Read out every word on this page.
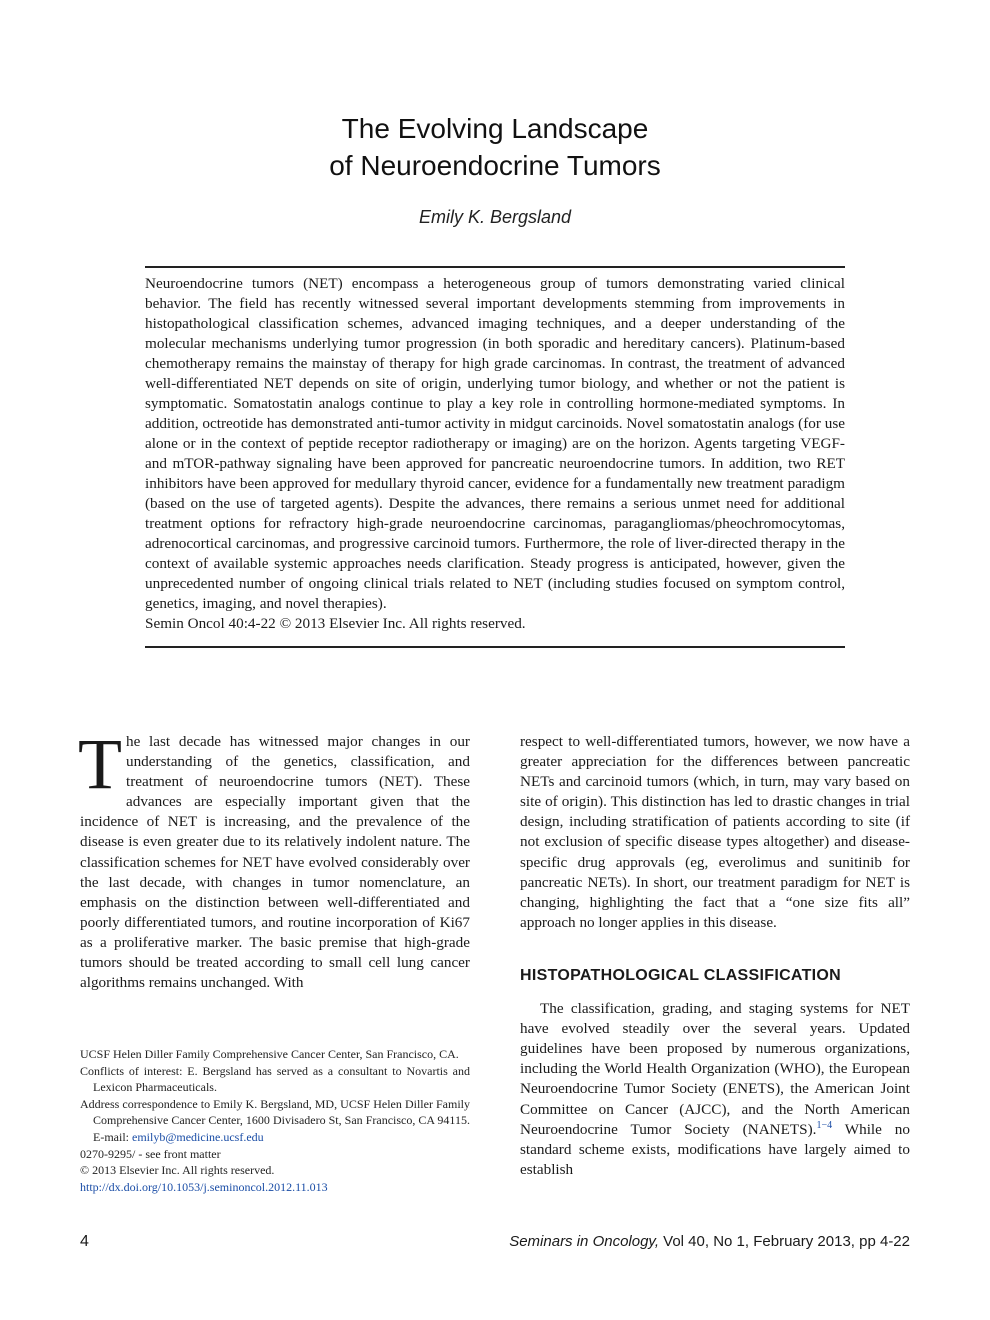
The Evolving Landscape
of Neuroendocrine Tumors
Emily K. Bergsland

Neuroendocrine tumors (NET) encompass a heterogeneous group of tumors demonstrating varied clinical behavior. The field has recently witnessed several important developments stemming from improvements in histopathological classification schemes, advanced imaging techniques, and a deeper understanding of the molecular mechanisms underlying tumor progression (in both sporadic and hereditary cancers). Platinum-based chemotherapy remains the mainstay of therapy for high grade carcinomas. In contrast, the treatment of advanced well-differentiated NET depends on site of origin, underlying tumor biology, and whether or not the patient is symptomatic. Somatostatin analogs continue to play a key role in controlling hormone-mediated symptoms. In addition, octreotide has demonstrated anti-tumor activity in midgut carcinoids. Novel somatostatin analogs (for use alone or in the context of peptide receptor radiotherapy or imaging) are on the horizon. Agents targeting VEGF- and mTOR-pathway signaling have been approved for pancreatic neuroendocrine tumors. In addition, two RET inhibitors have been approved for medullary thyroid cancer, evidence for a fundamentally new treatment paradigm (based on the use of targeted agents). Despite the advances, there remains a serious unmet need for additional treatment options for refractory high-grade neuroendocrine carcinomas, paragangliomas/pheochromocytomas, adrenocortical carcinomas, and progressive carcinoid tumors. Furthermore, the role of liver-directed therapy in the context of available systemic approaches needs clarification. Steady progress is anticipated, however, given the unprecedented number of ongoing clinical trials related to NET (including studies focused on symptom control, genetics, imaging, and novel therapies).
Semin Oncol 40:4-22 © 2013 Elsevier Inc. All rights reserved.

The last decade has witnessed major changes in our understanding of the genetics, classification, and treatment of neuroendocrine tumors (NET). These advances are especially important given that the incidence of NET is increasing, and the prevalence of the disease is even greater due to its relatively indolent nature. The classification schemes for NET have evolved considerably over the last decade, with changes in tumor nomenclature, an emphasis on the distinction between well-differentiated and poorly differentiated tumors, and routine incorporation of Ki67 as a proliferative marker. The basic premise that high-grade tumors should be treated according to small cell lung cancer algorithms remains unchanged. With

respect to well-differentiated tumors, however, we now have a greater appreciation for the differences between pancreatic NETs and carcinoid tumors (which, in turn, may vary based on site of origin). This distinction has led to drastic changes in trial design, including stratification of patients according to site (if not exclusion of specific disease types altogether) and disease-specific drug approvals (eg, everolimus and sunitinib for pancreatic NETs). In short, our treatment paradigm for NET is changing, highlighting the fact that a “one size fits all” approach no longer applies in this disease.

HISTOPATHOLOGICAL CLASSIFICATION

The classification, grading, and staging systems for NET have evolved steadily over the several years. Updated guidelines have been proposed by numerous organizations, including the World Health Organization (WHO), the European Neuroendocrine Tumor Society (ENETS), the American Joint Committee on Cancer (AJCC), and the North American Neuroendocrine Tumor Society (NANETS).$^{1-4}$ While no standard scheme exists, modifications have largely aimed to establish

UCSF Helen Diller Family Comprehensive Cancer Center, San Francisco, CA.

Conflicts of interest: E. Bergsland has served as a consultant to Novartis and Lexicon Pharmaceuticals.

Address correspondence to Emily K. Bergsland, MD, UCSF Helen Diller Family Comprehensive Cancer Center, 1600 Divisadero St, San Francisco, CA 94115. E-mail: emilyb@medicine.ucsf.edu

0270-9295/ - see front matter

© 2013 Elsevier Inc. All rights reserved.

http://dx.doi.org/10.1053/j.seminoncol.2012.11.013

4	Seminars in Oncology, Vol 40, No 1, February 2013, pp 4-22
